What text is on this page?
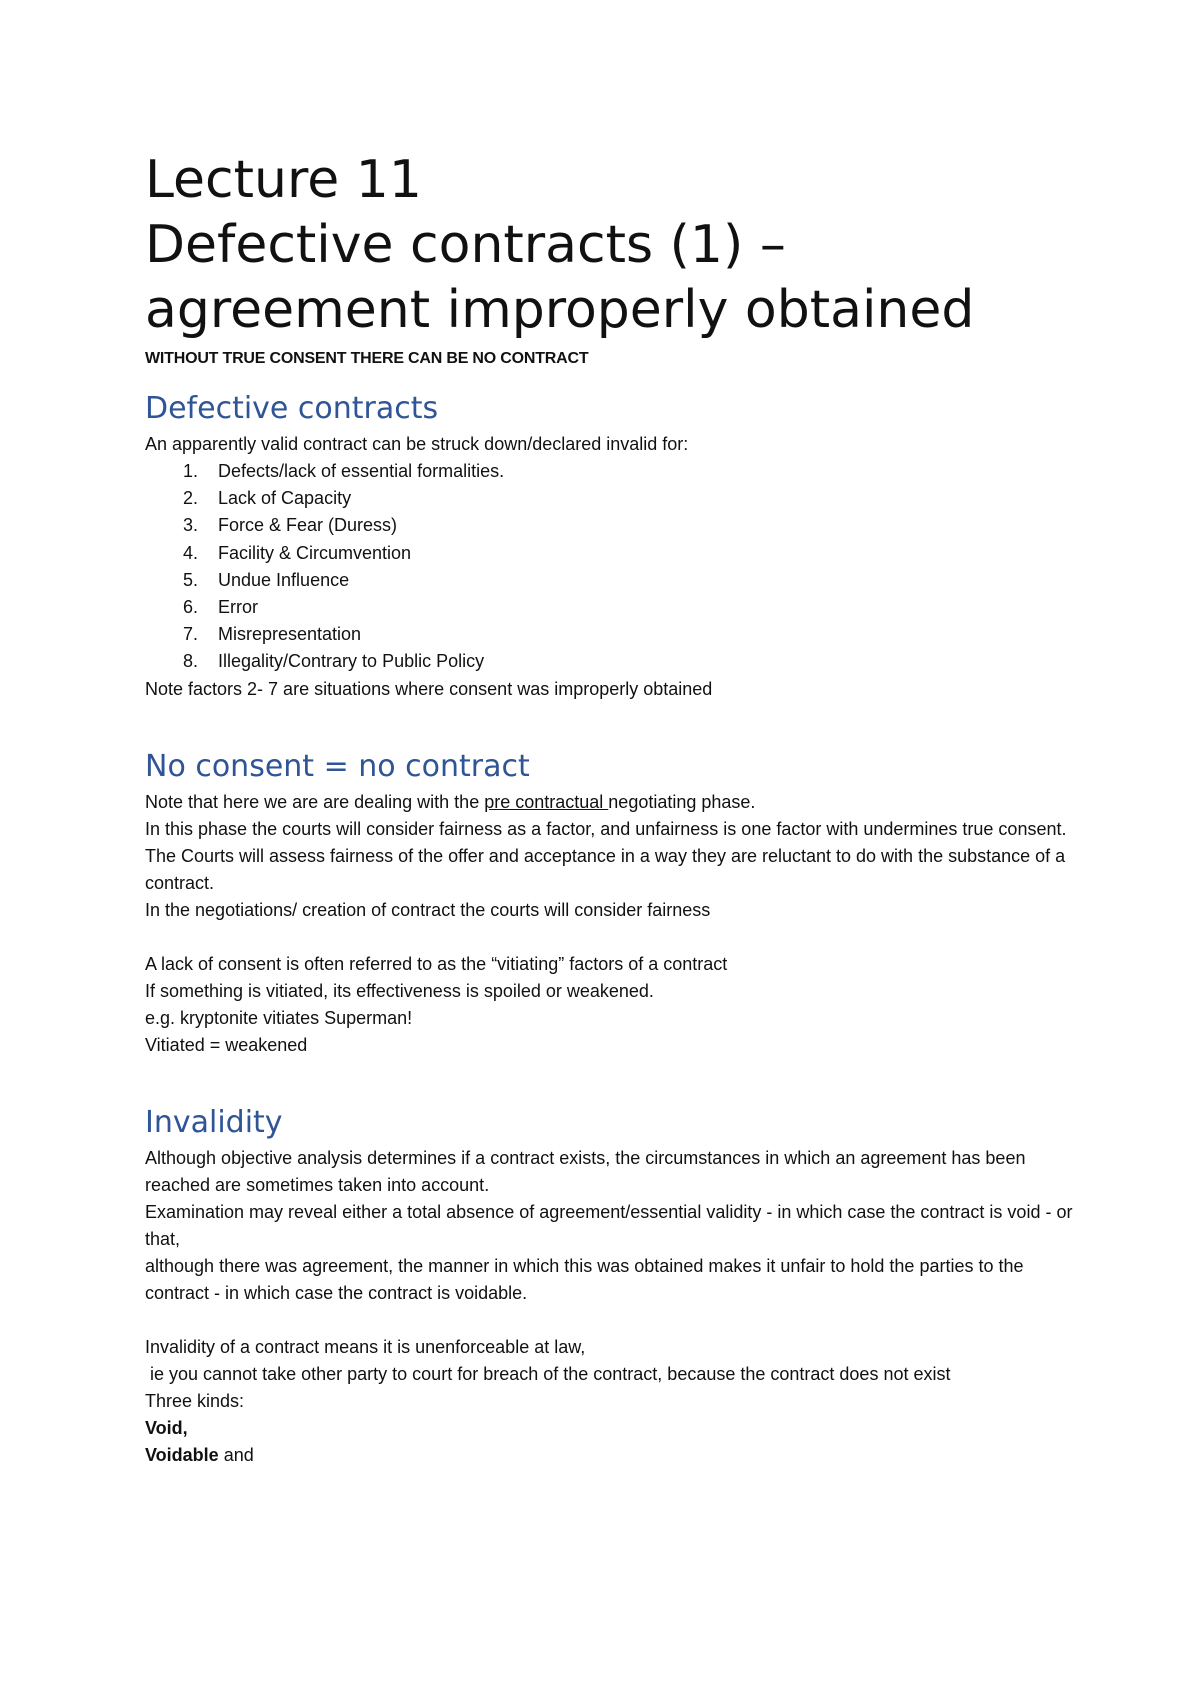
Lecture 11
Defective contracts (1) –
agreement improperly obtained

WITHOUT TRUE CONSENT THERE CAN BE NO CONTRACT

Defective contracts

An apparently valid contract can be struck down/declared invalid for:

1.	Defects/lack of essential formalities.
2.	Lack of Capacity
3.	Force & Fear (Duress)
4.	Facility & Circumvention
5.	Undue Influence
6.	Error
7.	Misrepresentation
8.	Illegality/Contrary to Public Policy

Note factors 2- 7 are situations where consent was improperly obtained

No consent = no contract

Note that here we are are dealing with the pre contractual negotiating phase.

In this phase the courts will consider fairness as a factor, and unfairness is one factor with undermines true consent.

The Courts will assess fairness of the offer and acceptance in a way they are reluctant to do with the substance of a contract.

In the negotiations/ creation of contract the courts will consider fairness

A lack of consent is often referred to as the “vitiating” factors of a contract

If something is vitiated, its effectiveness is spoiled or weakened.

e.g. kryptonite vitiates Superman!

Vitiated = weakened

Invalidity

Although objective analysis determines if a contract exists, the circumstances in which an agreement has been reached are sometimes taken into account.

Examination may reveal either a total absence of agreement/essential validity - in which case the contract is void - or that,

although there was agreement, the manner in which this was obtained makes it unfair to hold the parties to the contract - in which case the contract is voidable.

Invalidity of a contract means it is unenforceable at law,

ie you cannot take other party to court for breach of the contract, because the contract does not exist

Three kinds:

Void,

Voidable and
